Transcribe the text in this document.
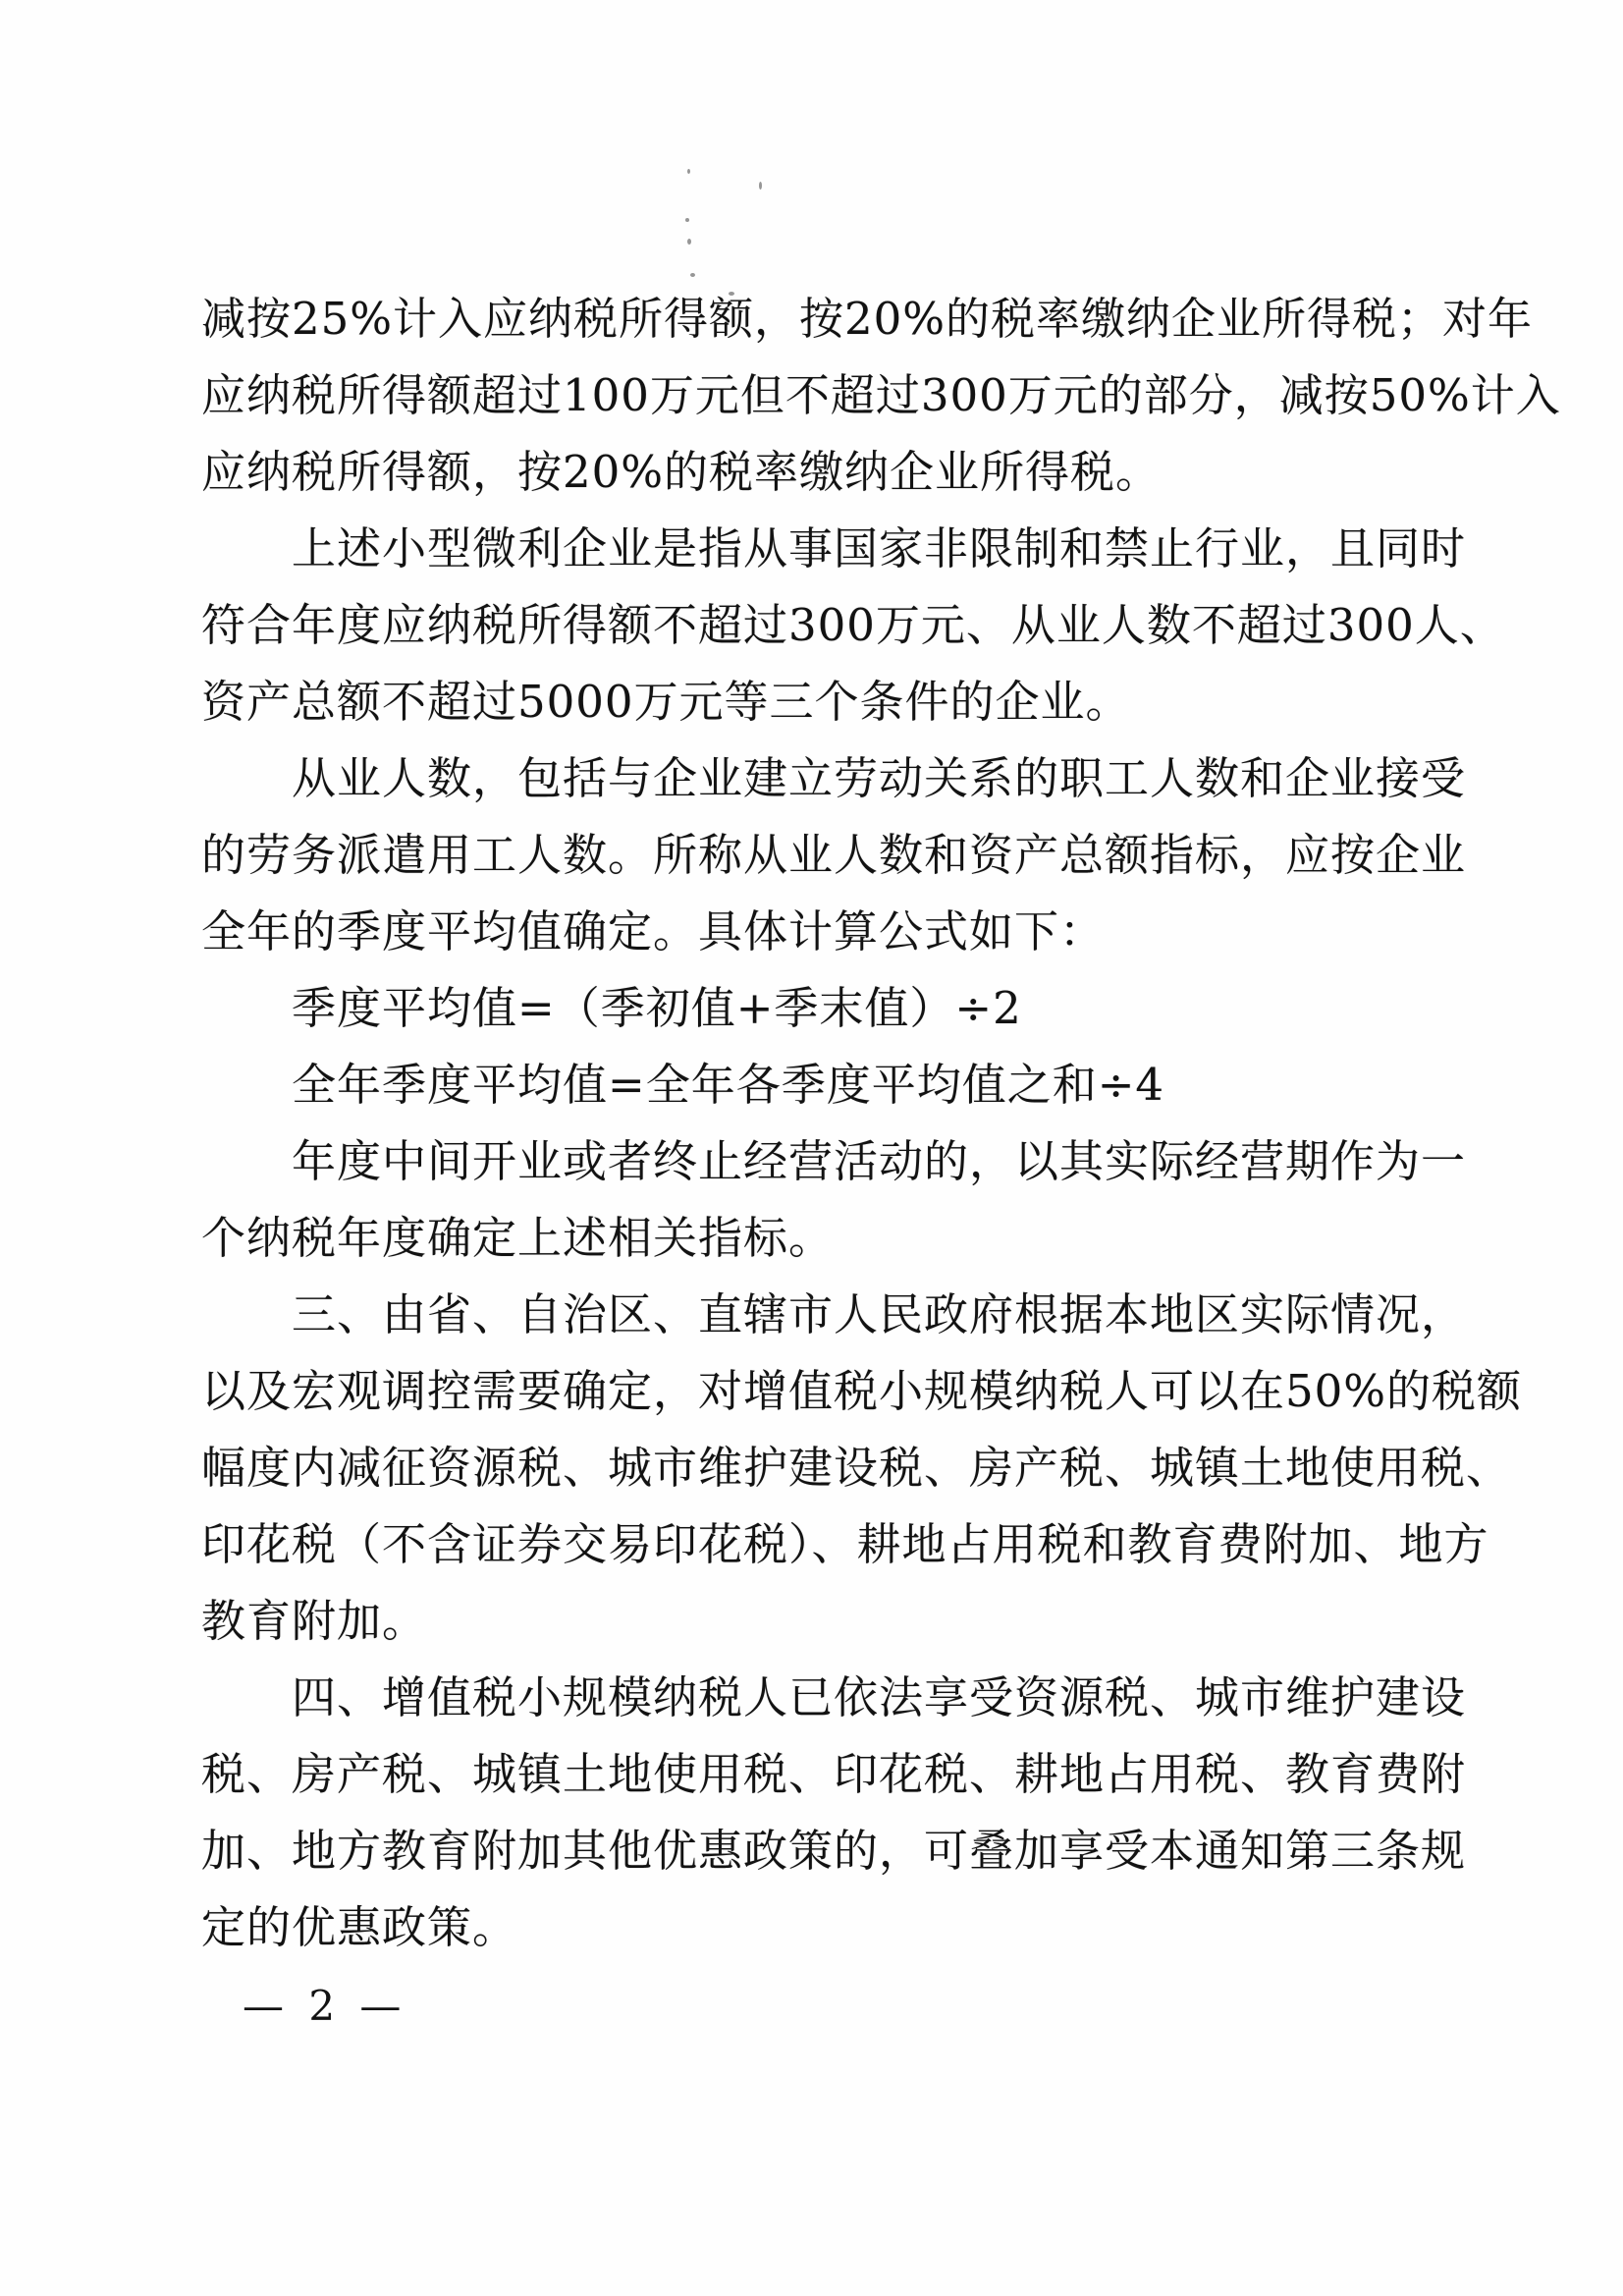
减按25%计入应纳税所得额，按20%的税率缴纳企业所得税；对年
应纳税所得额超过100万元但不超过300万元的部分，减按50%计入
应纳税所得额，按20%的税率缴纳企业所得税。
上述小型微利企业是指从事国家非限制和禁止行业，且同时
符合年度应纳税所得额不超过300万元、从业人数不超过300人、
资产总额不超过5000万元等三个条件的企业。
从业人数，包括与企业建立劳动关系的职工人数和企业接受
的劳务派遣用工人数。所称从业人数和资产总额指标，应按企业
全年的季度平均值确定。具体计算公式如下：
季度平均值=（季初值+季末值）÷2
全年季度平均值=全年各季度平均值之和÷4
年度中间开业或者终止经营活动的，以其实际经营期作为一
个纳税年度确定上述相关指标。
三、由省、自治区、直辖市人民政府根据本地区实际情况，
以及宏观调控需要确定，对增值税小规模纳税人可以在50%的税额
幅度内减征资源税、城市维护建设税、房产税、城镇土地使用税、
印花税（不含证券交易印花税）、耕地占用税和教育费附加、地方
教育附加。
四、增值税小规模纳税人已依法享受资源税、城市维护建设
税、房产税、城镇土地使用税、印花税、耕地占用税、教育费附
加、地方教育附加其他优惠政策的，可叠加享受本通知第三条规
定的优惠政策。
— 2 —
